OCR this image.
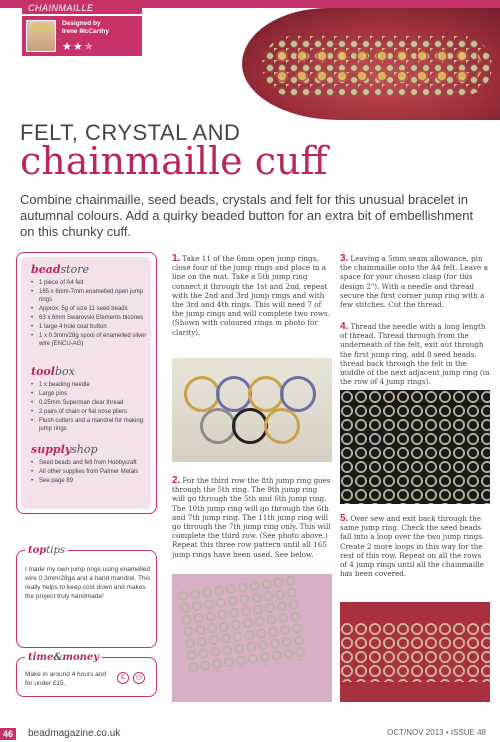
CHAINMAILLE
Designed by
Irene McCarthy
★★★
FELT, CRYSTAL AND
chainmaille cuff
Combine chainmaille, seed beads, crystals and felt for this unusual bracelet in autumnal colours. Add a quirky beaded button for an extra bit of embellishment on this chunky cuff.
beadstore
• 1 piece of A4 felt
• 165 x 6mm-7mm enamelled open jump rings
• Approx. 5g of size 11 seed beads
• 63 x 6mm Swarovski Elements bicones
• 1 large 4 hole coat button
• 1 x 0.3mm/28g spool of enamelled silver wire (ENCU-AG)
toolbox
• 1 x beading needle
• Large pins
• 0.25mm Superman clear thread
• 2 pairs of chain or flat nose pliers
• Flush cutters and a mandrel for making jump rings
supplyshop
• Seed beads and felt from Hobbycraft
• All other supplies from Palmer Metals
• See page 89
toptips
I made my own jump rings using enamelled wire 0.3mm/28ga and a hand mandrel. This really helps to keep cost down and makes the project truly handmade!
time&money
Make in around 4 hours and for under £15.
£	◷
1. Take 11 of the 6mm open jump rings, close four of the jump rings and place in a line on the mat. Take a 5th jump ring connect it through the 1st and 2nd, repeat with the 2nd and 3rd jump rings and with the 3rd and 4th rings. This will need 7 of the jump rings and will complete two rows. (Shown with coloured rings in photo for clarity).
2. For the third row the 8th jump ring goes through the 5th ring. The 9th jump ring will go through the 5th and 6th jump ring. The 10th jump ring will go through the 6th and 7th jump ring. The 11th jump ring will go through the 7th jump ring only. This will complete the third row. (See photo above.) Repeat this three row pattern until all 165 jump rings have been used. See below.
3. Leaving a 5mm seam allowance, pin the chainmaille onto the A4 felt. Leave a space for your chosen clasp (for this design 2"). With a needle and thread secure the first corner jump ring with a few stitches. Cut the thread.
4. Thread the needle with a long length of thread. Thread through from the underneath of the felt, exit out through the first jump ring, add 8 seed beads, thread back through the felt in the middle of the next adjacent jump ring (in the row of 4 jump rings).
5. Over sew and exit back through the same jump ring. Check the seed beads fall into a loop over the two jump rings. Create 2 more loops in this way for the rest of this row. Repeat on all the rows of 4 jump rings until all the chainmaille has been covered.
46	beadmagazine.co.uk	OCT/NOV 2013 • ISSUE 48
